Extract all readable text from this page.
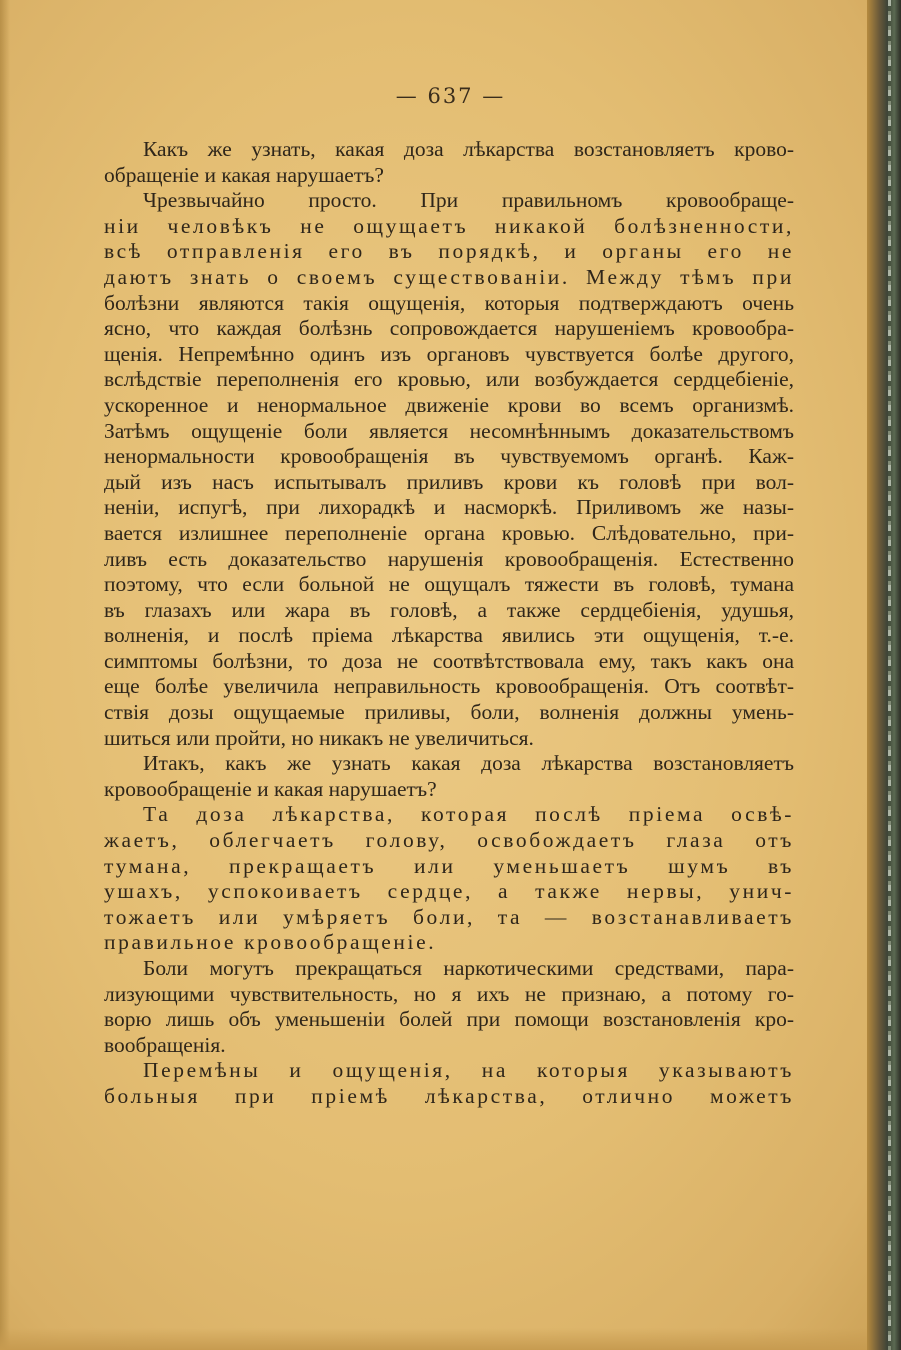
— 637 —
Какъ же узнать, какая доза лѣкарства возстановляетъ крово-
обращеніе и какая нарушаетъ?
Чрезвычайно просто. При правильномъ кровообраще-
ніи человѣкъ не ощущаетъ никакой болѣзненности,
всѣ отправленія его въ порядкѣ, и органы его не
даютъ знать о своемъ существованіи. Между тѣмъ при
болѣзни являются такія ощущенія, которыя подтверждаютъ очень
ясно, что каждая болѣзнь сопровождается нарушеніемъ кровообра-
щенія. Непремѣнно одинъ изъ органовъ чувствуется болѣе другого,
вслѣдствіе переполненія его кровью, или возбуждается сердцебіеніе,
ускоренное и ненормальное движеніе крови во всемъ организмѣ.
Затѣмъ ощущеніе боли является несомнѣннымъ доказательствомъ
ненормальности кровообращенія въ чувствуемомъ органѣ. Каж-
дый изъ насъ испытывалъ приливъ крови къ головѣ при вол-
неніи, испугѣ, при лихорадкѣ и насморкѣ. Приливомъ же назы-
вается излишнее переполненіе органа кровью. Слѣдовательно, при-
ливъ есть доказательство нарушенія кровообращенія. Естественно
поэтому, что если больной не ощущалъ тяжести въ головѣ, тумана
въ глазахъ или жара въ головѣ, а также сердцебіенія, удушья,
волненія, и послѣ пріема лѣкарства явились эти ощущенія, т.-е.
симптомы болѣзни, то доза не соотвѣтствовала ему, такъ какъ она
еще болѣе увеличила неправильность кровообращенія. Отъ соотвѣт-
ствія дозы ощущаемые приливы, боли, волненія должны умень-
шиться или пройти, но никакъ не увеличиться.
Итакъ, какъ же узнать какая доза лѣкарства возстановляетъ
кровообращеніе и какая нарушаетъ?
Та доза лѣкарства, которая послѣ пріема освѣ-
жаетъ, облегчаетъ голову, освобождаетъ глаза отъ
тумана, прекращаетъ или уменьшаетъ шумъ въ
ушахъ, успокоиваетъ сердце, а также нервы, унич-
тожаетъ или умѣряетъ боли, та — возстанавливаетъ
правильное кровообращеніе.
Боли могутъ прекращаться наркотическими средствами, пара-
лизующими чувствительность, но я ихъ не признаю, а потому го-
ворю лишь объ уменьшеніи болей при помощи возстановленія кро-
вообращенія.
Перемѣны и ощущенія, на которыя указываютъ
больныя при пріемѣ лѣкарства, отлично можетъ
